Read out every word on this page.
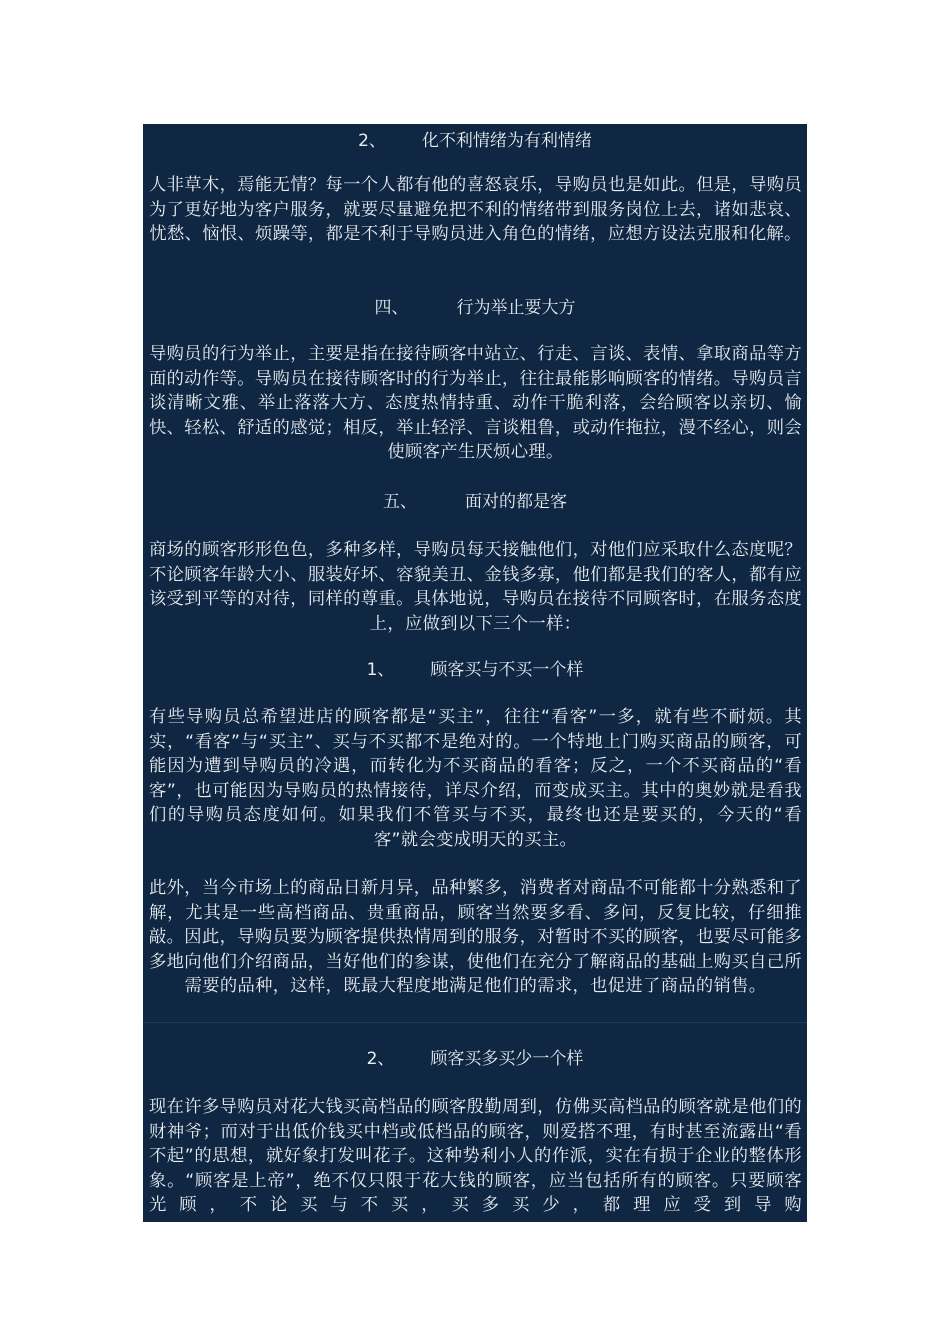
2、 化不利情绪为有利情绪
人非草木，焉能无情？每一个人都有他的喜怒哀乐，导购员也是如此。但是，导购员为了更好地为客户服务，就要尽量避免把不利的情绪带到服务岗位上去，诸如悲哀、忧愁、恼恨、烦躁等，都是不利于导购员进入角色的情绪，应想方设法克服和化解。
四、	行为举止要大方
导购员的行为举止，主要是指在接待顾客中站立、行走、言谈、表情、拿取商品等方面的动作等。导购员在接待顾客时的行为举止，往往最能影响顾客的情绪。导购员言谈清晰文雅、举止落落大方、态度热情持重、动作干脆利落，会给顾客以亲切、愉快、轻松、舒适的感觉；相反，举止轻浮、言谈粗鲁，或动作拖拉，漫不经心，则会使顾客产生厌烦心理。
五、	面对的都是客
商场的顾客形形色色，多种多样，导购员每天接触他们，对他们应采取什么态度呢？不论顾客年龄大小、服装好坏、容貌美丑、金钱多寡，他们都是我们的客人，都有应该受到平等的对待，同样的尊重。具体地说，导购员在接待不同顾客时，在服务态度上，应做到以下三个一样：
1、 顾客买与不买一个样
有些导购员总希望进店的顾客都是“买主”，往往“看客”一多，就有些不耐烦。其实，“看客”与“买主”、买与不买都不是绝对的。一个特地上门购买商品的顾客，可能因为遭到导购员的冷遇，而转化为不买商品的看客；反之，一个不买商品的“看客”，也可能因为导购员的热情接待，详尽介绍，而变成买主。其中的奥妙就是看我们的导购员态度如何。如果我们不管买与不买，最终也还是要买的，今天的“看客”就会变成明天的买主。
此外，当今市场上的商品日新月异，品种繁多，消费者对商品不可能都十分熟悉和了解，尤其是一些高档商品、贵重商品，顾客当然要多看、多问，反复比较，仔细推敲。因此，导购员要为顾客提供热情周到的服务，对暂时不买的顾客，也要尽可能多多地向他们介绍商品，当好他们的参谋，使他们在充分了解商品的基础上购买自己所需要的品种，这样，既最大程度地满足他们的需求，也促进了商品的销售。
2、 顾客买多买少一个样
现在许多导购员对花大钱买高档品的顾客殷勤周到，仿佛买高档品的顾客就是他们的财神爷；而对于出低价钱买中档或低档品的顾客，则爱搭不理，有时甚至流露出“看不起”的思想，就好象打发叫花子。这种势利小人的作派，实在有损于企业的整体形象。“顾客是上帝”，绝不仅只限于花大钱的顾客，应当包括所有的顾客。只要顾客光顾，不论买与不买，买多买少，都理应受到导购
